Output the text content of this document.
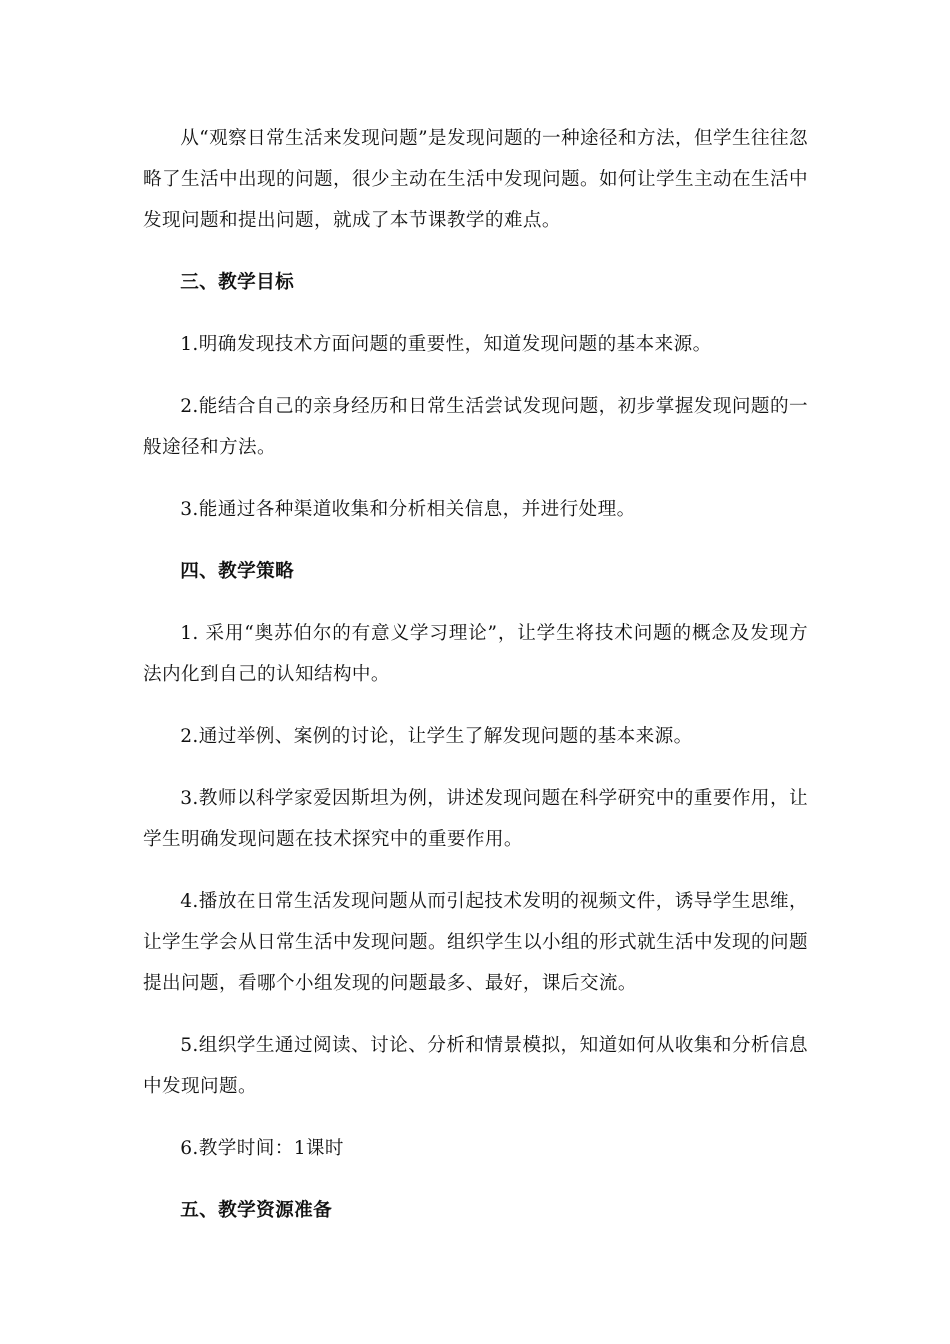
从“观察日常生活来发现问题”是发现问题的一种途径和方法，但学生往往忽略了生活中出现的问题，很少主动在生活中发现问题。如何让学生主动在生活中发现问题和提出问题，就成了本节课教学的难点。

三、教学目标

1.明确发现技术方面问题的重要性，知道发现问题的基本来源。

2.能结合自己的亲身经历和日常生活尝试发现问题，初步掌握发现问题的一般途径和方法。

3.能通过各种渠道收集和分析相关信息，并进行处理。

四、教学策略

1. 采用“奥苏伯尔的有意义学习理论”，让学生将技术问题的概念及发现方法内化到自己的认知结构中。

2.通过举例、案例的讨论，让学生了解发现问题的基本来源。

3.教师以科学家爱因斯坦为例，讲述发现问题在科学研究中的重要作用，让学生明确发现问题在技术探究中的重要作用。

4.播放在日常生活发现问题从而引起技术发明的视频文件，诱导学生思维，让学生学会从日常生活中发现问题。组织学生以小组的形式就生活中发现的问题提出问题，看哪个小组发现的问题最多、最好，课后交流。

5.组织学生通过阅读、讨论、分析和情景模拟，知道如何从收集和分析信息中发现问题。

6.教学时间：1课时

五、教学资源准备
